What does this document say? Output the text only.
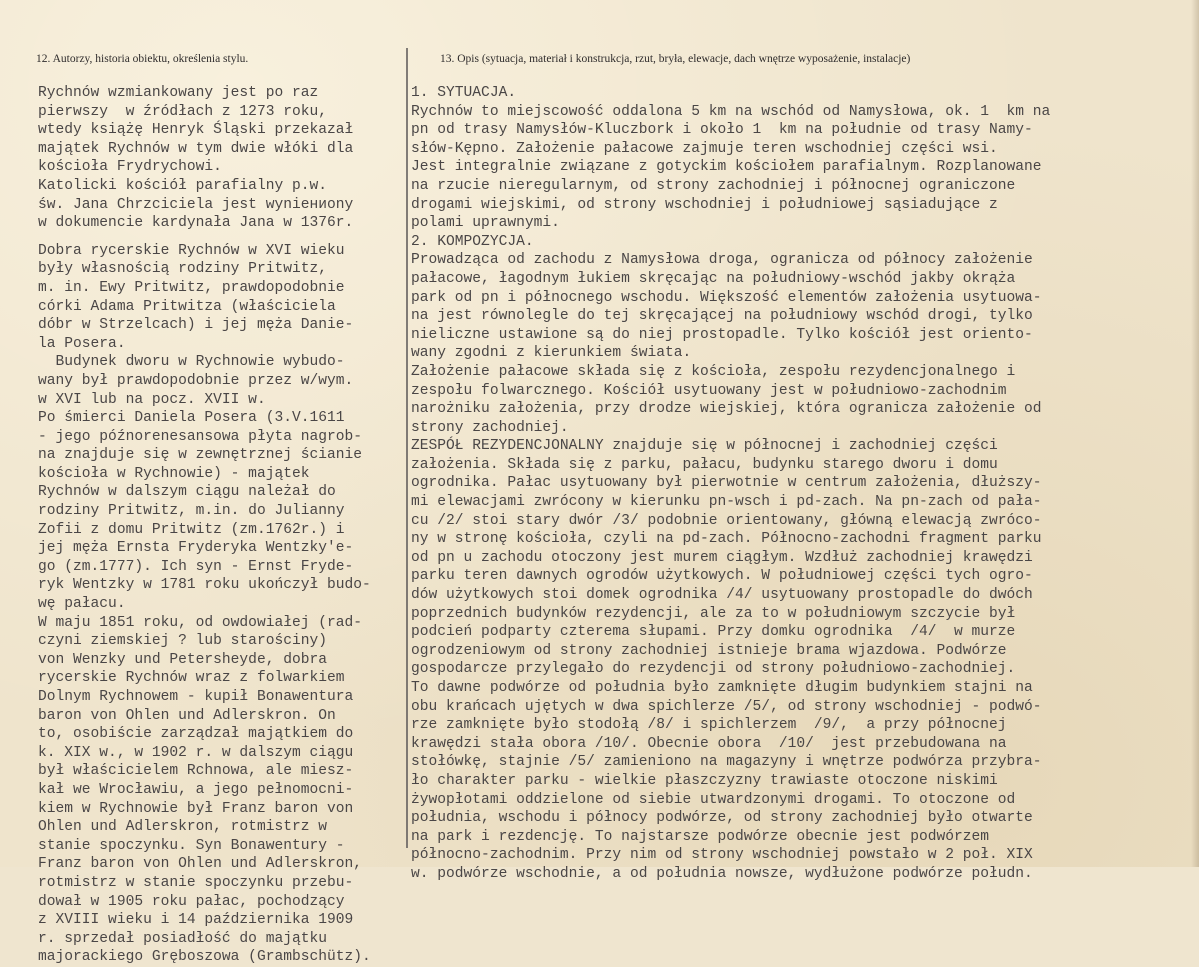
12. Autorzy, historia obiektu, określenia stylu.	13. Opis (sytuacja, materiał i konstrukcja, rzut, bryła, elewacje, dach wnętrze wyposażenie, instalacje)
Rychnów wzmiankowany jest po raz
pierwszy  w źródłach z 1273 roku,
wtedy książę Henryk Śląski przekazał
majątek Rychnów w tym dwie włóki dla
kościoła Frydrychowi.
Katolicki kościół parafialny p.w.
św. Jana Chrzciciela jest wyniениony
w dokumencie kardynała Jana w 1376r.
Dobra rycerskie Rychnów w XVI wieku
były własnością rodziny Pritwitz,
m. in. Ewy Pritwitz, prawdopodobnie
córki Adama Pritwitza (właściciela
dóbr w Strzelcach) i jej męża Danie-
la Posera.
Budynek dworu w Rychnowie wybudo-
wany był prawdopodobnie przez w/wym.
w XVI lub na pocz. XVII w.
Po śmierci Daniela Posera (3.V.1611
- jego późnorenesansowa płyta nagrob-
na znajduje się w zewnętrznej ścianie
kościoła w Rychnowie) - majątek
Rychnów w dalszym ciągu należał do
rodziny Pritwitz, m.in. do Julianny
Zofii z domu Pritwitz (zm.1762r.) i
jej męża Ernsta Fryderyka Wentzky'e-
go (zm.1777). Ich syn - Ernst Fryde-
ryk Wentzky w 1781 roku ukończył budo-
wę pałacu.
W maju 1851 roku, od owdowiałej (rad-
czyni ziemskiej ? lub starościny)
von Wenzky und Petersheyde, dobra
rycerskie Rychnów wraz z folwarkiem
Dolnym Rychnowem - kupił Bonawentura
baron von Ohlen und Adlerskron. On
to, osobiście zarządzał majątkiem do
k. XIX w., w 1902 r. w dalszym ciągu
był właścicielem Rchnowa, ale miesz-
kał we Wrocławiu, a jego pełnomocni-
kiem w Rychnowie był Franz baron von
Ohlen und Adlerskron, rotmistrz w
stanie spoczynku. Syn Bonawentury -
Franz baron von Ohlen und Adlerskron,
rotmistrz w stanie spoczynku przebu-
dował w 1905 roku pałac, pochodzący
z XVIII wieku i 14 października 1909
r. sprzedał posiadłość do majątku
majorackiego Gręboszowa (Grambschütz).
1. SYTUACJA.
Rychnów to miejscowość oddalona 5 km na wschód od Namysłowa, ok. 1  km na
pn od trasy Namysłów-Kluczbork i około 1  km na południe od trasy Namy-
słów-Kępno. Założenie pałacowe zajmuje teren wschodniej części wsi.
Jest integralnie związane z gotyckim kościołem parafialnym. Rozplanowane
na rzucie nieregularnym, od strony zachodniej i północnej ograniczone
drogami wiejskimi, od strony wschodniej i południowej sąsiadujące z
polami uprawnymi.
2. KOMPOZYCJA.
Prowadząca od zachodu z Namysłowa droga, ogranicza od północy założenie
pałacowe, łagodnym łukiem skręcając na południowy-wschód jakby okrąża
park od pn i północnego wschodu. Większość elementów założenia usytuowa-
na jest równolegle do tej skręcającej na południowy wschód drogi, tylko
nieliczne ustawione są do niej prostopadle. Tylko kościół jest oriento-
wany zgodni z kierunkiem świata.
Założenie pałacowe składa się z kościoła, zespołu rezydencjonalnego i
zespołu folwarcznego. Kościół usytuowany jest w południowo-zachodnim
narożniku założenia, przy drodze wiejskiej, która ogranicza założenie od
strony zachodniej.
ZESPÓŁ REZYDENCJONALNY znajduje się w północnej i zachodniej części
założenia. Składa się z parku, pałacu, budynku starego dworu i domu
ogrodnika. Pałac usytuowany był pierwotnie w centrum założenia, dłuższy-
mi elewacjami zwrócony w kierunku pn-wsch i pd-zach. Na pn-zach od pała-
cu /2/ stoi stary dwór /3/ podobnie orientowany, główną elewacją zwróco-
ny w stronę kościoła, czyli na pd-zach. Północno-zachodni fragment parku
od pn u zachodu otoczony jest murem ciągłym. Wzdłuż zachodniej krawędzi
parku teren dawnych ogrodów użytkowych. W południowej części tych ogro-
dów użytkowych stoi domek ogrodnika /4/ usytuowany prostopadle do dwóch
poprzednich budynków rezydencji, ale za to w południowym szczycie był
podcień podparty czterema słupami. Przy domku ogrodnika  /4/  w murze
ogrodzeniowym od strony zachodniej istnieje brama wjazdowa. Podwórze
gospodarcze przylegało do rezydencji od strony południowo-zachodniej.
To dawne podwórze od południa było zamknięte długim budynkiem stajni na
obu krańcach ujętych w dwa spichlerze /5/, od strony wschodniej - podwó-
rze zamknięte było stodołą /8/ i spichlerzem  /9/,  a przy północnej
krawędzi stała obora /10/. Obecnie obora  /10/  jest przebudowana na
stołówkę, stajnie /5/ zamieniono na magazyny i wnętrze podwórza przybra-
ło charakter parku - wielkie płaszczyzny trawiaste otoczone niskimi
żywopłotami oddzielone od siebie utwardzonymi drogami. To otoczone od
południa, wschodu i północy podwórze, od strony zachodniej było otwarte
na park i rezdencję. To najstarsze podwórze obecnie jest podwórzem
północno-zachodnim. Przy nim od strony wschodniej powstało w 2 poł. XIX
w. podwórze wschodnie, a od południa nowsze, wydłużone podwórze połudn.
